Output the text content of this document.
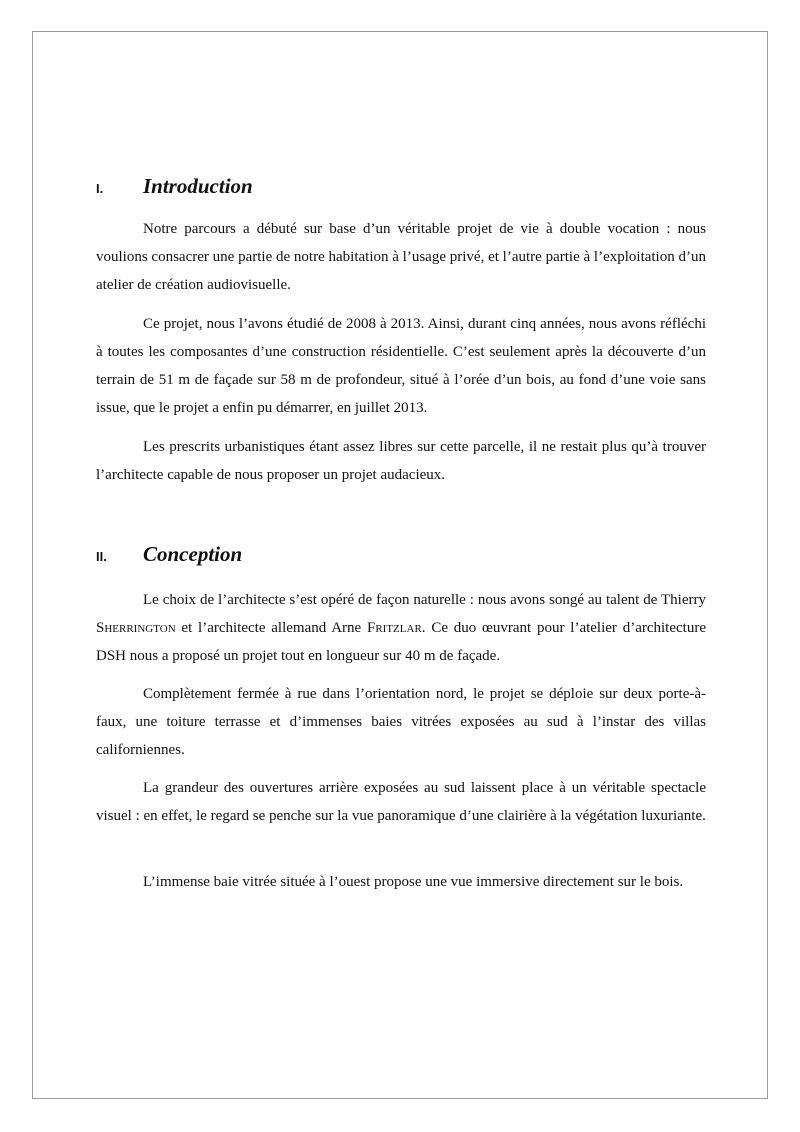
I. Introduction

Notre parcours a débuté sur base d’un véritable projet de vie à double vocation : nous voulions consacrer une partie de notre habitation à l’usage privé, et l’autre partie à l’exploitation d’un atelier de création audiovisuelle.

Ce projet, nous l’avons étudié de 2008 à 2013. Ainsi, durant cinq années, nous avons réfléchi à toutes les composantes d’une construction résidentielle. C’est seulement après la découverte d’un terrain de 51 m de façade sur 58 m de profondeur, situé à l’orée d’un bois, au fond d’une voie sans issue, que le projet a enfin pu démarrer, en juillet 2013.

Les prescrits urbanistiques étant assez libres sur cette parcelle, il ne restait plus qu’à trouver l’architecte capable de nous proposer un projet audacieux.

II. Conception

Le choix de l’architecte s’est opéré de façon naturelle : nous avons songé au talent de Thierry Sherrington et l’architecte allemand Arne Fritzlar. Ce duo œuvrant pour l’atelier d’architecture DSH nous a proposé un projet tout en longueur sur 40 m de façade.

Complètement fermée à rue dans l’orientation nord, le projet se déploie sur deux porte-à-faux, une toiture terrasse et d’immenses baies vitrées exposées au sud à l’instar des villas californiennes.

La grandeur des ouvertures arrière exposées au sud laissent place à un véritable spectacle visuel : en effet, le regard se penche sur la vue panoramique d’une clairière à la végétation luxuriante.

L’immense baie vitrée située à l’ouest propose une vue immersive directement sur le bois.
